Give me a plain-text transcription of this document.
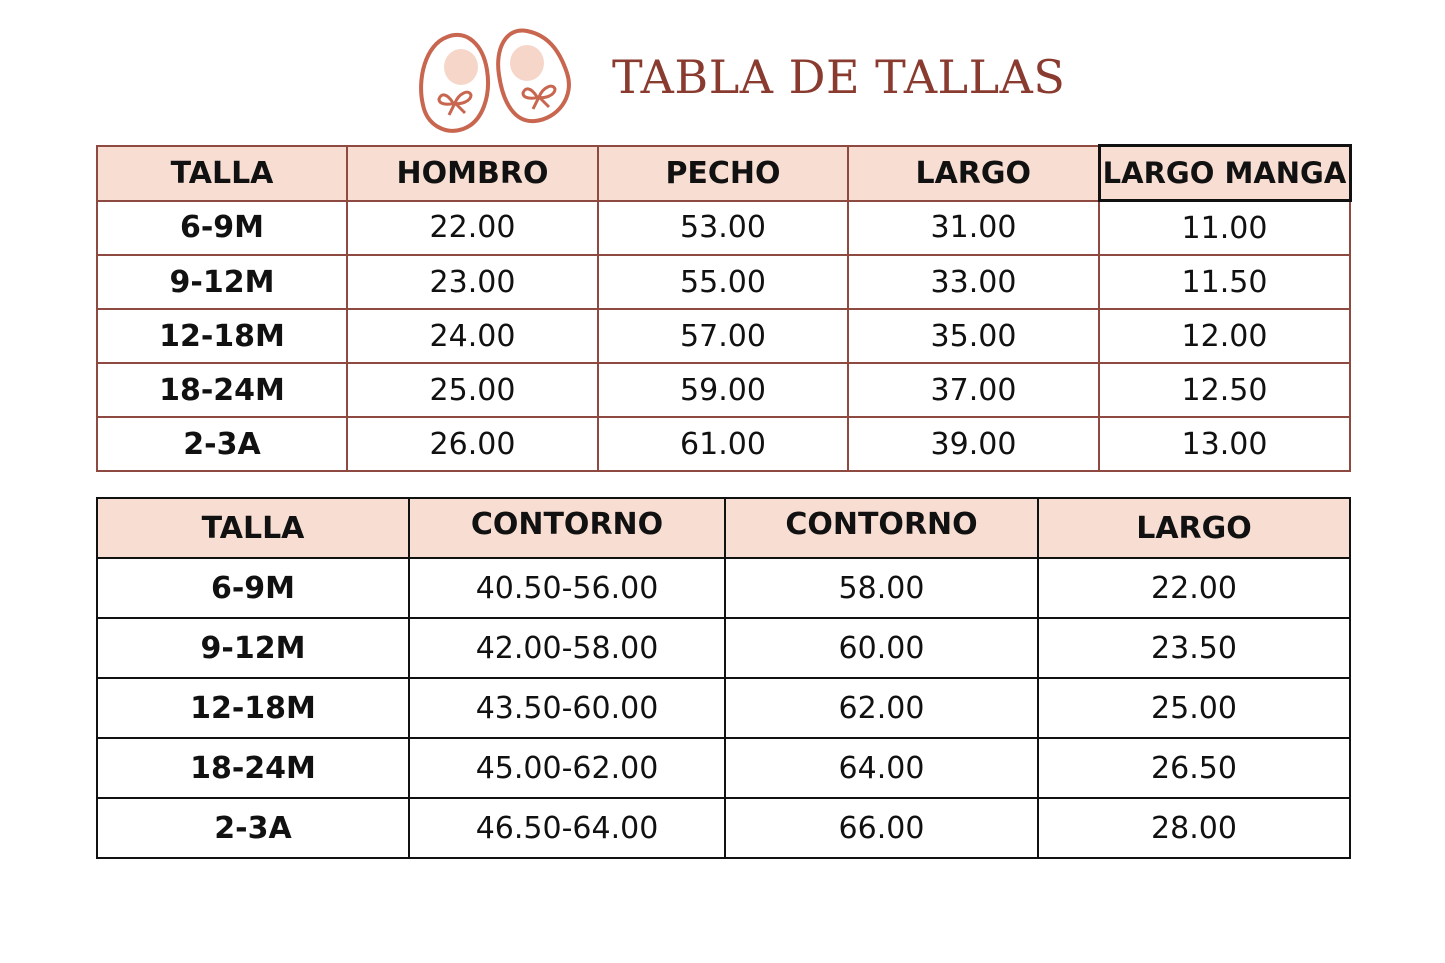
TABLA DE TALLAS
TALLA	HOMBRO	PECHO	LARGO	LARGO MANGA
6-9M	22.00	53.00	31.00	11.00
9-12M	23.00	55.00	33.00	11.50
12-18M	24.00	57.00	35.00	12.00
18-24M	25.00	59.00	37.00	12.50
2-3A	26.00	61.00	39.00	13.00
TALLA	CONTORNO	CONTORNO	LARGO
6-9M	40.50-56.00	58.00	22.00
9-12M	42.00-58.00	60.00	23.50
12-18M	43.50-60.00	62.00	25.00
18-24M	45.00-62.00	64.00	26.50
2-3A	46.50-64.00	66.00	28.00
